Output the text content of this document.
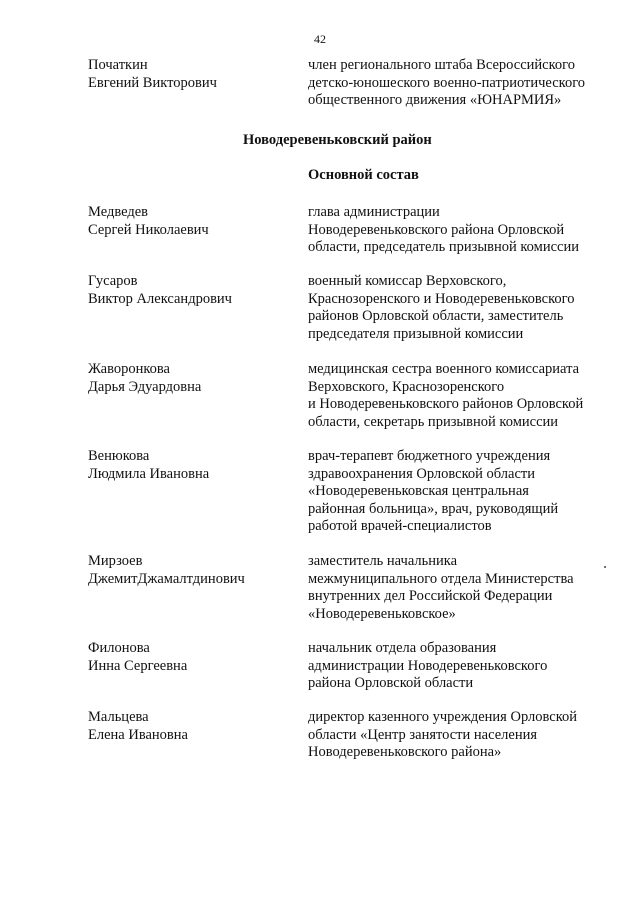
42
Початкин
Евгений Викторович
член регионального штаба Всероссийского
детско-юношеского военно-патриотического
общественного движения «ЮНАРМИЯ»
Новодеревеньковский район
Основной состав
Медведев
Сергей Николаевич
глава администрации
Новодеревеньковского района Орловской
области, председатель призывной комиссии
Гусаров
Виктор Александрович
военный комиссар Верховского,
Краснозоренского и Новодеревеньковского
районов Орловской области, заместитель
председателя призывной комиссии
Жаворонкова
Дарья Эдуардовна
медицинская сестра военного комиссариата
Верховского, Краснозоренского
и Новодеревеньковского районов Орловской
области, секретарь призывной комиссии
Венюкова
Людмила Ивановна
врач-терапевт бюджетного учреждения
здравоохранения Орловской области
«Новодеревеньковская центральная
районная больница», врач, руководящий
работой врачей-специалистов
Мирзоев
ДжемитДжамалтдинович
заместитель начальника
межмуниципального отдела Министерства
внутренних дел Российской Федерации
«Новодеревеньковское»
Филонова
Инна Сергеевна
начальник отдела образования
администрации Новодеревеньковского
района Орловской области
Мальцева
Елена Ивановна
директор казенного учреждения Орловской
области «Центр занятости населения
Новодеревеньковского района»
